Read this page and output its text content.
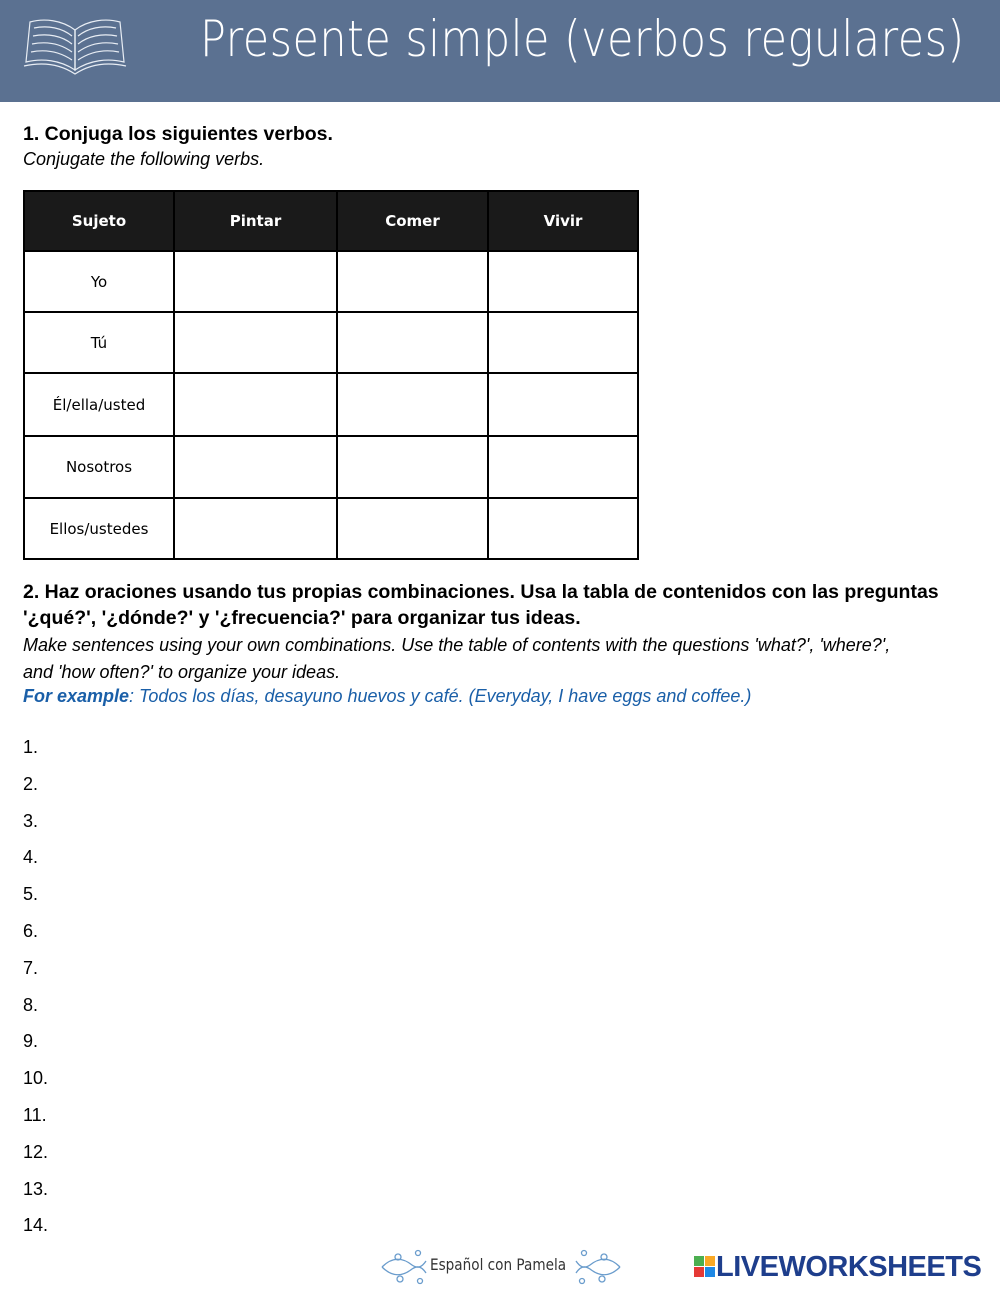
Presente simple (verbos regulares)
1. Conjuga los siguientes verbos.
Conjugate the following verbs.
Sujeto	Pintar	Comer	Vivir
Yo			
Tú			
Él/ella/usted			
Nosotros			
Ellos/ustedes			
2. Haz oraciones usando tus propias combinaciones. Usa la tabla de contenidos con las preguntas
'¿qué?', '¿dónde?' y '¿frecuencia?' para organizar tus ideas.
Make sentences using your own combinations. Use the table of contents with the questions 'what?', 'where?',
and 'how often?' to organize your ideas.
For example: Todos los días, desayuno huevos y café. (Everyday, I have eggs and coffee.)
1.
2.
3.
4.
5.
6.
7.
8.
9.
10.
11.
12.
13.
14.
Español con Pamela	LIVEWORKSHEETS
